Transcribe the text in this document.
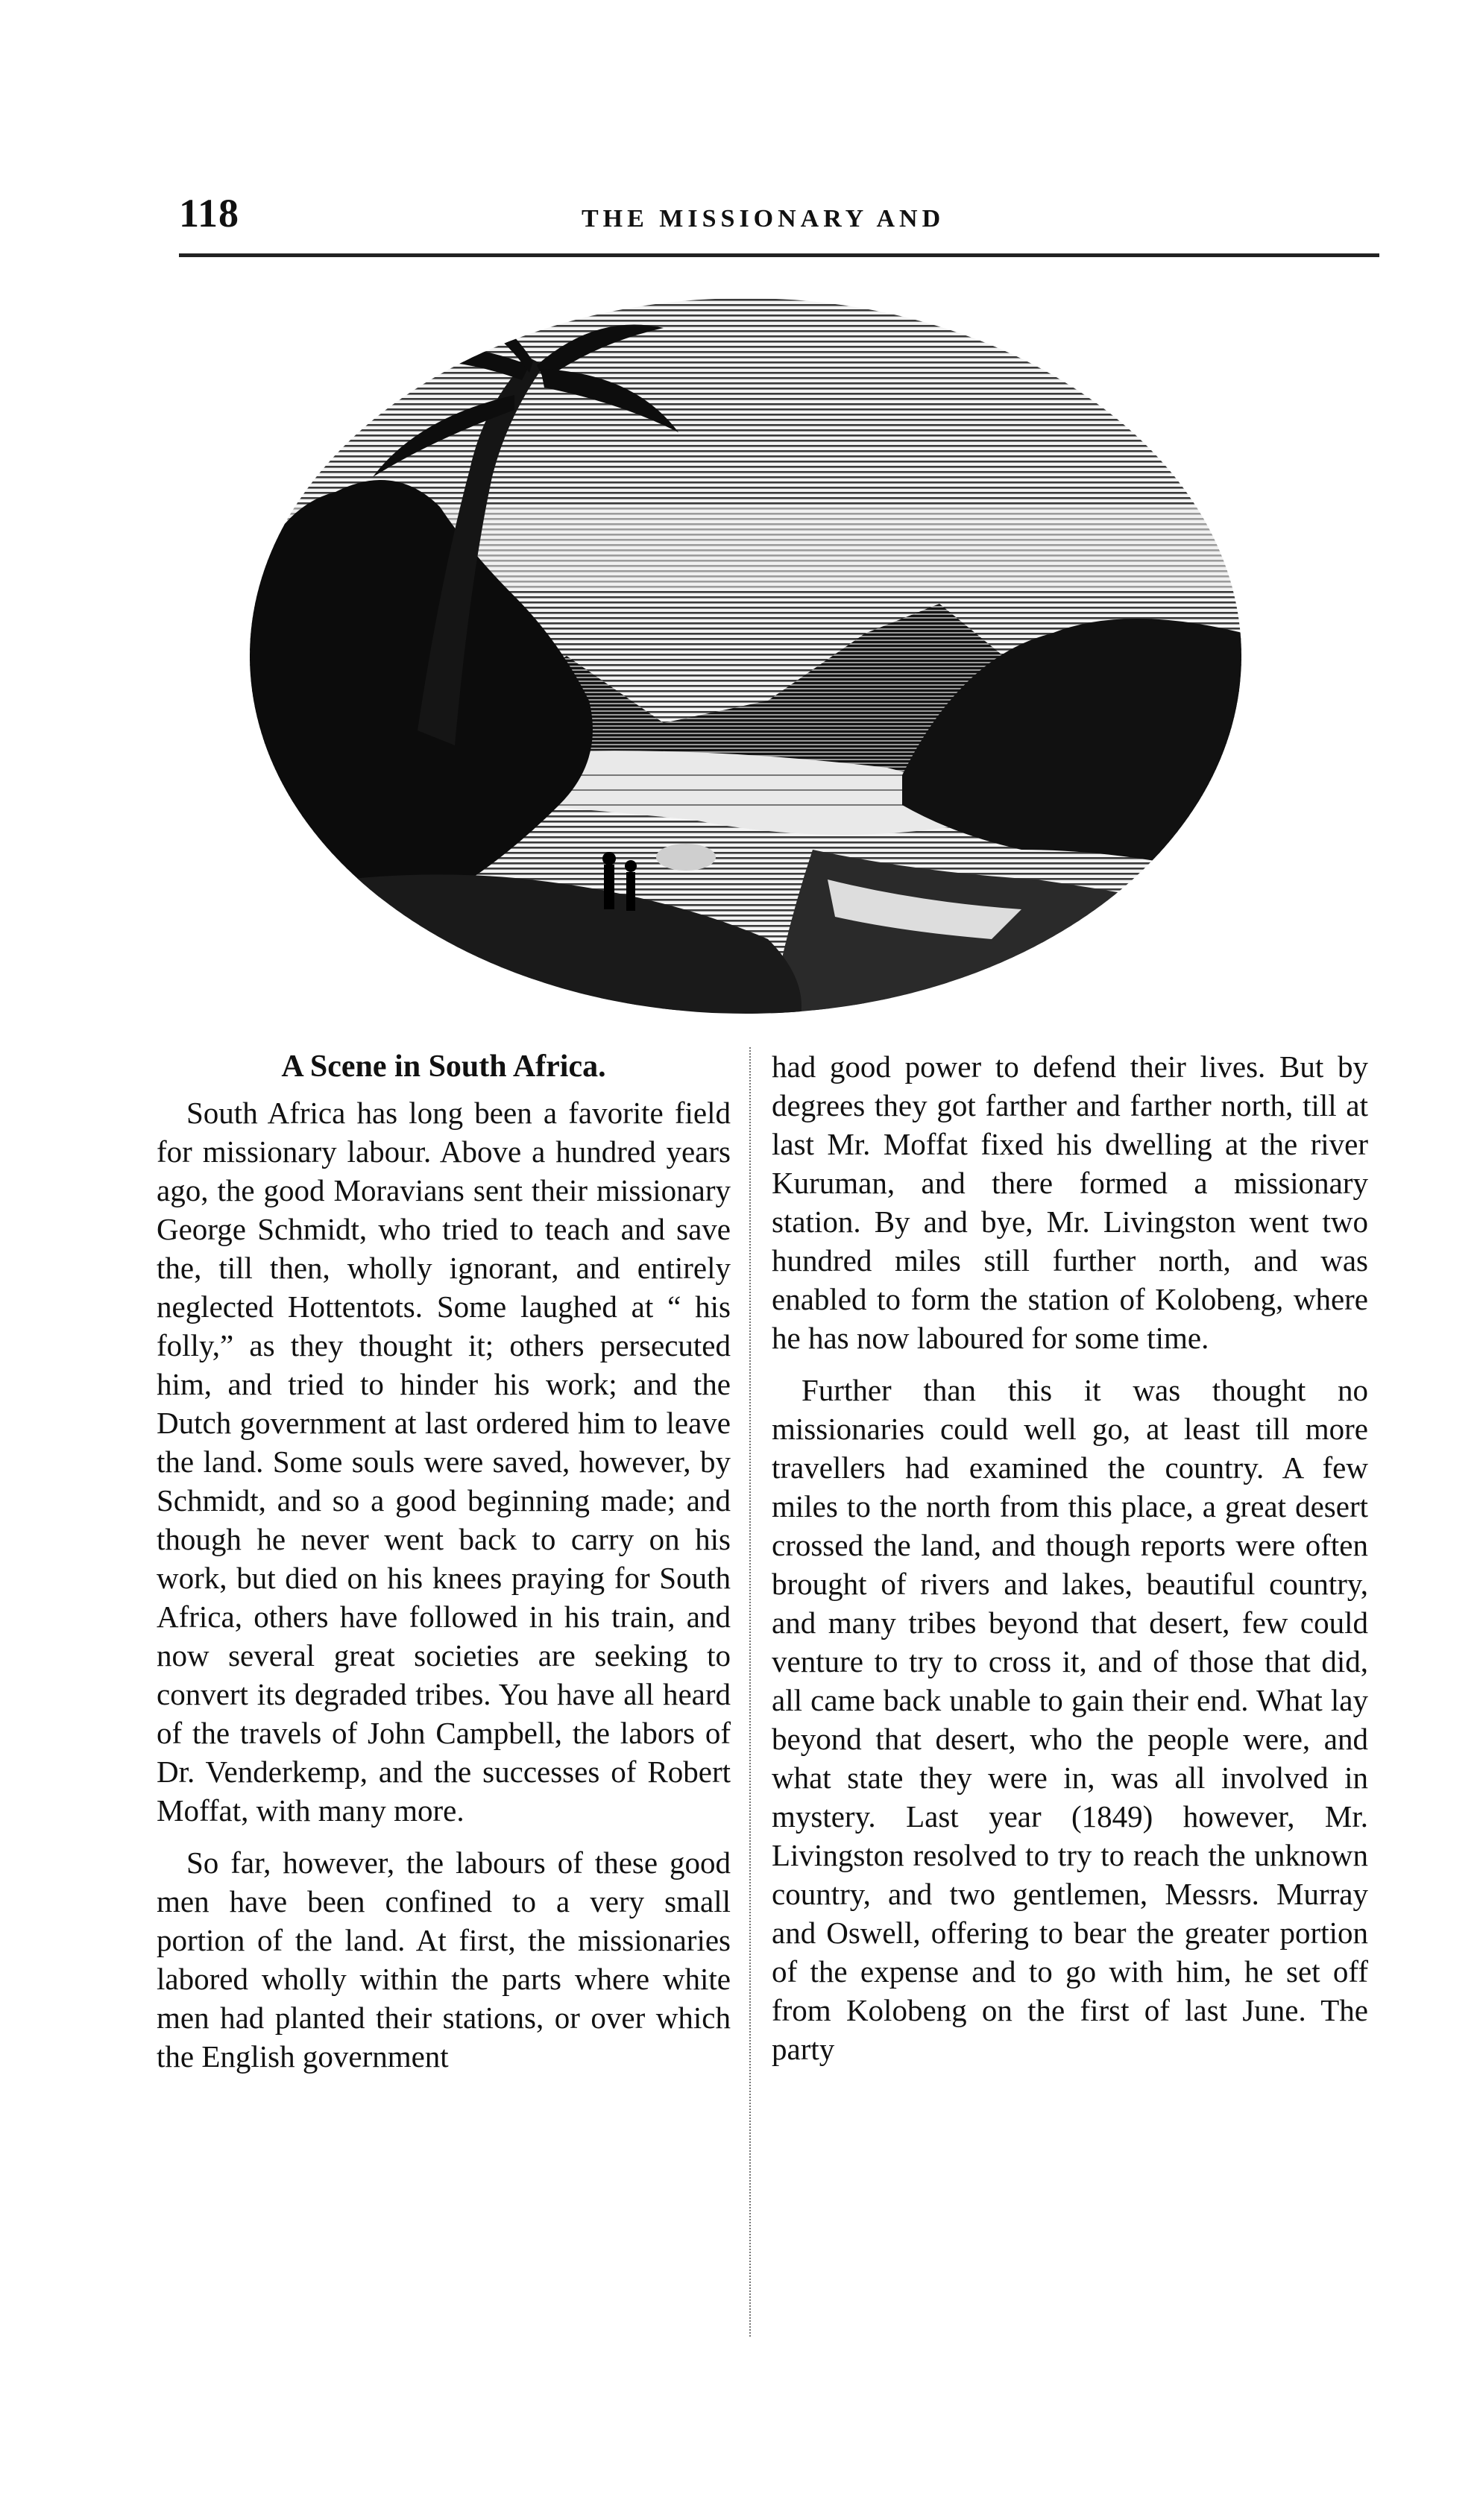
118	THE MISSIONARY AND
A Scene in South Africa.

South Africa has long been a favorite field for missionary labour. Above a hundred years ago, the good Moravians sent their missionary George Schmidt, who tried to teach and save the, till then, wholly ignorant, and entirely neglected Hottentots. Some laughed at “ his folly,” as they thought it; others persecuted him, and tried to hinder his work; and the Dutch government at last ordered him to leave the land. Some souls were saved, however, by Schmidt, and so a good beginning made; and though he never went back to carry on his work, but died on his knees praying for South Africa, others have followed in his train, and now several great societies are seeking to convert its degraded tribes. You have all heard of the travels of John Campbell, the labors of Dr. Venderkemp, and the successes of Robert Moffat, with many more.

So far, however, the labours of these good men have been confined to a very small portion of the land. At first, the missionaries labored wholly within the parts where white men had planted their stations, or over which the English government

had good power to defend their lives. But by degrees they got farther and farther north, till at last Mr. Moffat fixed his dwelling at the river Kuruman, and there formed a missionary station. By and bye, Mr. Livingston went two hundred miles still further north, and was enabled to form the station of Kolobeng, where he has now laboured for some time.

Further than this it was thought no missionaries could well go, at least till more travellers had examined the country. A few miles to the north from this place, a great desert crossed the land, and though reports were often brought of rivers and lakes, beautiful country, and many tribes beyond that desert, few could venture to try to cross it, and of those that did, all came back unable to gain their end. What lay beyond that desert, who the people were, and what state they were in, was all involved in mystery. Last year (1849) however, Mr. Livingston resolved to try to reach the unknown country, and two gentlemen, Messrs. Murray and Oswell, offering to bear the greater portion of the expense and to go with him, he set off from Kolobeng on the first of last June. The party
